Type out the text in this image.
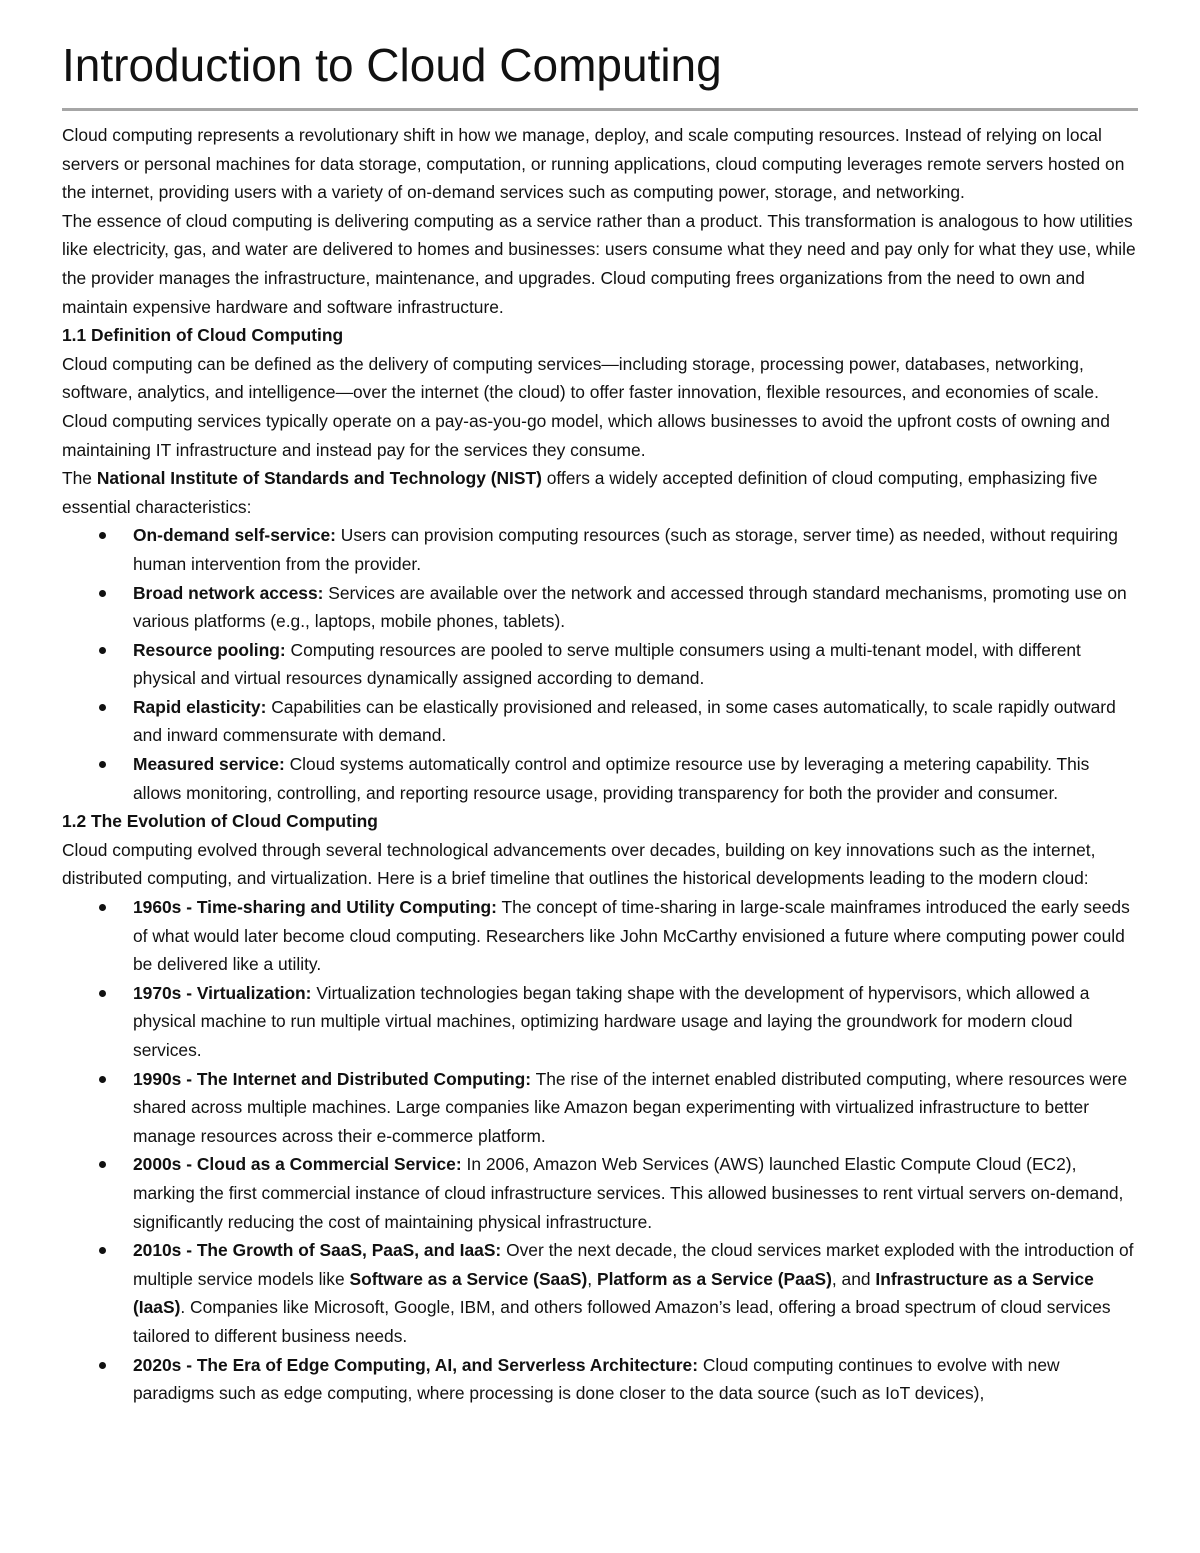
Introduction to Cloud Computing

Cloud computing represents a revolutionary shift in how we manage, deploy, and scale computing resources. Instead of relying on local servers or personal machines for data storage, computation, or running applications, cloud computing leverages remote servers hosted on the internet, providing users with a variety of on-demand services such as computing power, storage, and networking.

The essence of cloud computing is delivering computing as a service rather than a product. This transformation is analogous to how utilities like electricity, gas, and water are delivered to homes and businesses: users consume what they need and pay only for what they use, while the provider manages the infrastructure, maintenance, and upgrades. Cloud computing frees organizations from the need to own and maintain expensive hardware and software infrastructure.

1.1 Definition of Cloud Computing

Cloud computing can be defined as the delivery of computing services—including storage, processing power, databases, networking, software, analytics, and intelligence—over the internet (the cloud) to offer faster innovation, flexible resources, and economies of scale. Cloud computing services typically operate on a pay-as-you-go model, which allows businesses to avoid the upfront costs of owning and maintaining IT infrastructure and instead pay for the services they consume.

The National Institute of Standards and Technology (NIST) offers a widely accepted definition of cloud computing, emphasizing five essential characteristics:

On-demand self-service: Users can provision computing resources (such as storage, server time) as needed, without requiring human intervention from the provider.
Broad network access: Services are available over the network and accessed through standard mechanisms, promoting use on various platforms (e.g., laptops, mobile phones, tablets).
Resource pooling: Computing resources are pooled to serve multiple consumers using a multi-tenant model, with different physical and virtual resources dynamically assigned according to demand.
Rapid elasticity: Capabilities can be elastically provisioned and released, in some cases automatically, to scale rapidly outward and inward commensurate with demand.
Measured service: Cloud systems automatically control and optimize resource use by leveraging a metering capability. This allows monitoring, controlling, and reporting resource usage, providing transparency for both the provider and consumer.

1.2 The Evolution of Cloud Computing

Cloud computing evolved through several technological advancements over decades, building on key innovations such as the internet, distributed computing, and virtualization. Here is a brief timeline that outlines the historical developments leading to the modern cloud:

1960s - Time-sharing and Utility Computing: The concept of time-sharing in large-scale mainframes introduced the early seeds of what would later become cloud computing. Researchers like John McCarthy envisioned a future where computing power could be delivered like a utility.
1970s - Virtualization: Virtualization technologies began taking shape with the development of hypervisors, which allowed a physical machine to run multiple virtual machines, optimizing hardware usage and laying the groundwork for modern cloud services.
1990s - The Internet and Distributed Computing: The rise of the internet enabled distributed computing, where resources were shared across multiple machines. Large companies like Amazon began experimenting with virtualized infrastructure to better manage resources across their e-commerce platform.
2000s - Cloud as a Commercial Service: In 2006, Amazon Web Services (AWS) launched Elastic Compute Cloud (EC2), marking the first commercial instance of cloud infrastructure services. This allowed businesses to rent virtual servers on-demand, significantly reducing the cost of maintaining physical infrastructure.
2010s - The Growth of SaaS, PaaS, and IaaS: Over the next decade, the cloud services market exploded with the introduction of multiple service models like Software as a Service (SaaS), Platform as a Service (PaaS), and Infrastructure as a Service (IaaS). Companies like Microsoft, Google, IBM, and others followed Amazon’s lead, offering a broad spectrum of cloud services tailored to different business needs.
2020s - The Era of Edge Computing, AI, and Serverless Architecture: Cloud computing continues to evolve with new paradigms such as edge computing, where processing is done closer to the data source (such as IoT devices),
